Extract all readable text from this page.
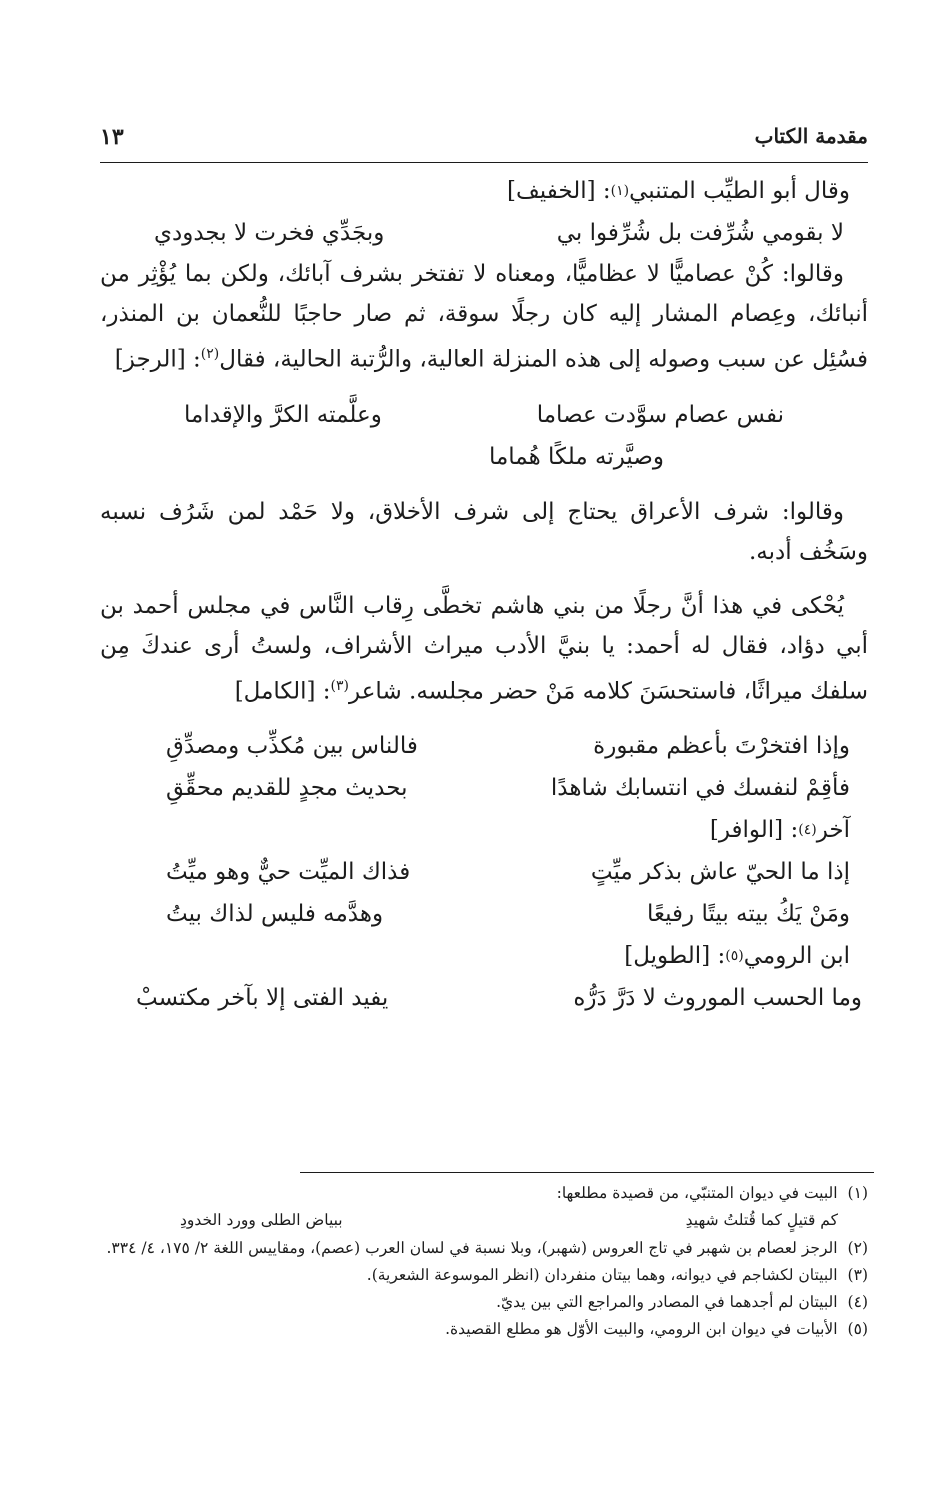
مقدمة الكتاب
١٣
وقال أبو الطيِّب المتنبي
(١)
: [الخفيف]
لا بقومي شُرِّفت بل شُرِّفوا بي
وبجَدِّي فخرت لا بجدودي

وقالوا: كُنْ عصاميًّا لا عظاميًّا، ومعناه لا تفتخر بشرف آبائك، ولكن بما يُؤْثِر من أنبائك، وعِصام المشار إليه كان رجلًا سوقة، ثم صار حاجبًا للنُّعمان بن المنذر، فسُئِل عن سبب وصوله إلى هذه المنزلة العالية، والرُّتبة الحالية، فقال$^{(٢)}$: [الرجز]

نفس عصام سوَّدت عصاما
وعلَّمته الكرَّ والإقداما
وصيَّرته ملكًا هُماما

وقالوا: شرف الأعراق يحتاج إلى شرف الأخلاق، ولا حَمْد لمن شَرُف نسبه وسَخُف أدبه.

يُحْكى في هذا أنَّ رجلًا من بني هاشم تخطَّى رِقاب النَّاس في مجلس أحمد بن أبي دؤاد، فقال له أحمد: يا بنيَّ الأدب ميراث الأشراف، ولستُ أرى عندكَ مِن سلفك ميراثًا، فاستحسَنَ كلامه مَنْ حضر مجلسه. شاعر$^{(٣)}$: [الكامل]

وإذا افتخرْتَ بأعظم مقبورة
فالناس بين مُكذِّب ومصدِّقِ
فأقِمْ لنفسك في انتسابك شاهدًا
بحديث مجدٍ للقديم محقِّقِ
آخر
(٤)
: [الوافر]
إذا ما الحيّ عاش بذكر ميِّتٍ
فذاك الميِّت حيٌّ وهو ميِّتُ
ومَنْ يَكُ بيته بيتًا رفيعًا
وهدَّمه فليس لذاك بيتُ
ابن الرومي
(٥)
: [الطويل]
وما الحسب الموروث لا دَرَّ دَرُّه
يفيد الفتى إلا بآخر مكتسبْ
(١)
البيت في ديوان المتنبّي، من قصيدة مطلعها:
كم قتيلٍ كما قُتلتُ شهيدِ
ببياض الطلى وورد الخدودِ
(٢)
الرجز لعصام بن شهبر في تاج العروس (شهبر)، وبلا نسبة في لسان العرب (عصم)، ومقاييس اللغة ٢/ ١٧٥، ٤/ ٣٣٤.
(٣)
البيتان لكشاجم في ديوانه، وهما بيتان منفردان (انظر الموسوعة الشعرية).
(٤)
البيتان لم أجدهما في المصادر والمراجع التي بين يديّ.
(٥)
الأبيات في ديوان ابن الرومي، والبيت الأوّل هو مطلع القصيدة.
